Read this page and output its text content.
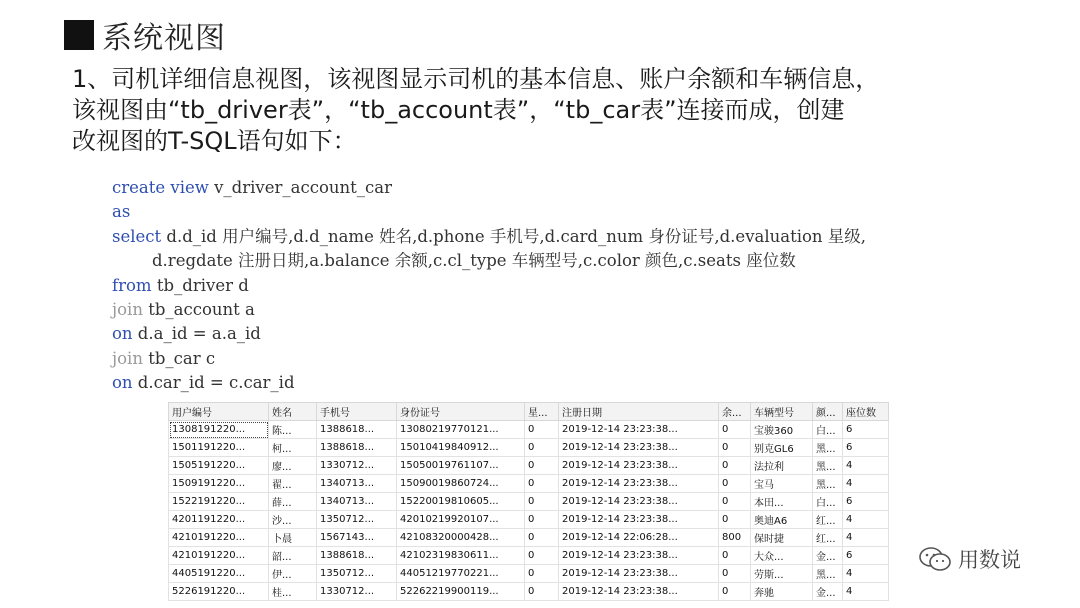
系统视图
1、司机详细信息视图，该视图显示司机的基本信息、账户余额和车辆信息，
该视图由“tb_driver表”，“tb_account表”，“tb_car表”连接而成，创建
改视图的T-SQL语句如下：
create view v_driver_account_car
as
select d.d_id 用户编号,d.d_name 姓名,d.phone 手机号,d.card_num 身份证号,d.evaluation 星级,
d.regdate 注册日期,a.balance 余额,c.cl_type 车辆型号,c.color 颜色,c.seats 座位数
from tb_driver d
join tb_account a
on d.a_id = a.a_id
join tb_car c
on d.car_id = c.car_id
用户编号	姓名	手机号	身份证号	星...	注册日期	余...	车辆型号	颜...	座位数
1308191220...	陈...	1388618...	13080219770121...	0	2019-12-14 23:23:38...	0	宝骏360	白...	6
1501191220...	柯...	1388618...	15010419840912...	0	2019-12-14 23:23:38...	0	别克GL6	黑...	6
1505191220...	廖...	1330712...	15050019761107...	0	2019-12-14 23:23:38...	0	法拉利	黑...	4
1509191220...	翟...	1340713...	15090019860724...	0	2019-12-14 23:23:38...	0	宝马	黑...	4
1522191220...	薛...	1340713...	15220019810605...	0	2019-12-14 23:23:38...	0	本田...	白...	6
4201191220...	沙...	1350712...	42010219920107...	0	2019-12-14 23:23:38...	0	奥迪A6	红...	4
4210191220...	卜晨	1567143...	42108320000428...	0	2019-12-14 22:06:28...	800	保时捷	红...	4
4210191220...	韶...	1388618...	42102319830611...	0	2019-12-14 23:23:38...	0	大众...	金...	6
4405191220...	伊...	1350712...	44051219770221...	0	2019-12-14 23:23:38...	0	劳斯...	黑...	4
5226191220...	桂...	1330712...	52262219900119...	0	2019-12-14 23:23:38...	0	奔驰	金...	4
用数说
